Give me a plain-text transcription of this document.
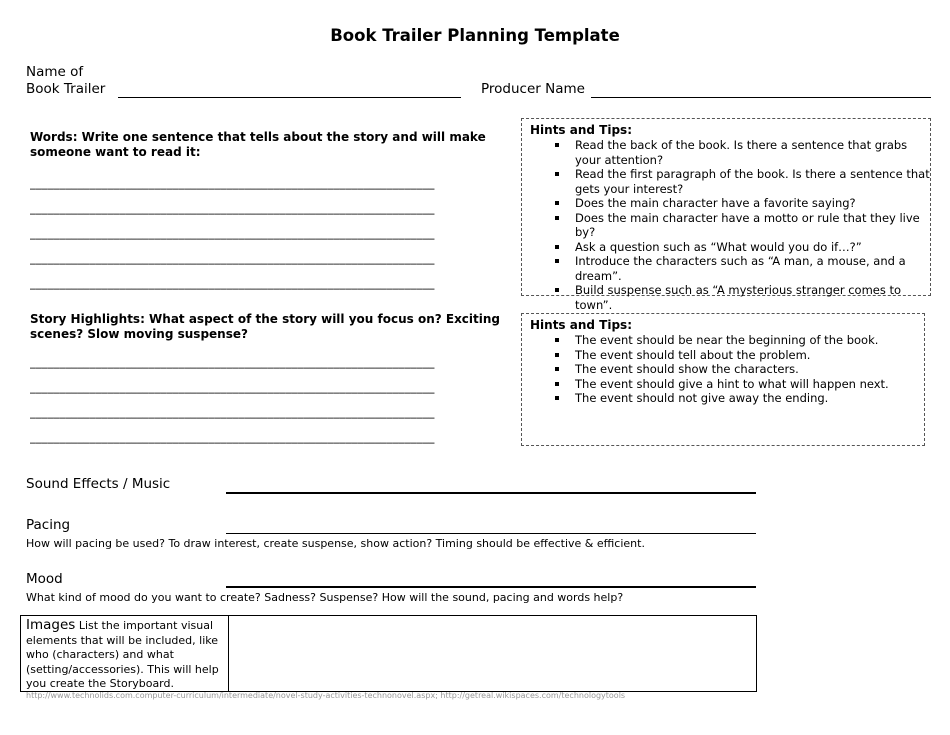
Book Trailer Planning Template
Name of
Book Trailer	Producer Name
Words: Write one sentence that tells about the story and will make someone want to read it:
____________________________________________________________________
____________________________________________________________________
____________________________________________________________________
____________________________________________________________________
____________________________________________________________________
Hints and Tips:
Read the back of the book. Is there a sentence that grabs your attention?
Read the first paragraph of the book. Is there a sentence that gets your interest?
Does the main character have a favorite saying?
Does the main character have a motto or rule that they live by?
Ask a question such as “What would you do if…?”
Introduce the characters such as “A man, a mouse, and a dream”.
Build suspense such as “A mysterious stranger comes to town”.
Story Highlights: What aspect of the story will you focus on? Exciting scenes? Slow moving suspense?
____________________________________________________________________
____________________________________________________________________
____________________________________________________________________
____________________________________________________________________
Hints and Tips:
The event should be near the beginning of the book.
The event should tell about the problem.
The event should show the characters.
The event should give a hint to what will happen next.
The event should not give away the ending.
Sound Effects / Music
Pacing
How will pacing be used? To draw interest, create suspense, show action? Timing should be effective & efficient.
Mood
What kind of mood do you want to create? Sadness? Suspense? How will the sound, pacing and words help?
Images List the important visual elements that will be included, like who (characters) and what (setting/accessories). This will help you create the Storyboard.
http://www.technolids.com.computer-curriculum/intermediate/novel-study-activities-technonovel.aspx; http://getreal.wikispaces.com/technologytools
